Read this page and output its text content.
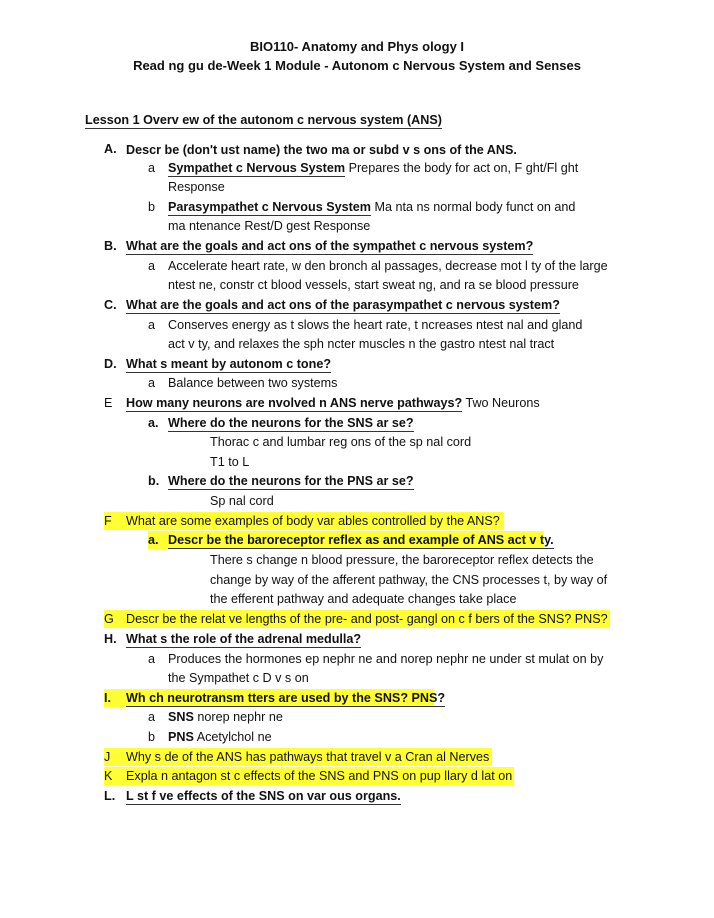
BIO110- Anatomy and Phys ology I
Read ng gu de-Week 1 Module - Autonom c Nervous System and Senses
Lesson 1 Overv ew of the autonom c nervous system (ANS)
A. Descr be (don't ust name) the two ma or subd v s ons of the ANS.
a Sympathet c Nervous System Prepares the body for act on, F ght/Fl ght
Response
b Parasympathet c Nervous System Ma nta ns normal body funct on and
ma ntenance Rest/D gest Response
B. What are the goals and act ons of the sympathet c nervous system?
a Accelerate heart rate, w den bronch al passages, decrease mot l ty of the large
ntest ne, constr ct blood vessels, start sweat ng, and ra se blood pressure
C. What are the goals and act ons of the parasympathet c nervous system?
a Conserves energy as t slows the heart rate, t ncreases ntest nal and gland
act v ty, and relaxes the sph ncter muscles n the gastro ntest nal tract
D. What s meant by autonom c tone?
a Balance between two systems
E How many neurons are nvolved n ANS nerve pathways? Two Neurons
a. Where do the neurons for the SNS ar se?
Thorac c and lumbar reg ons of the sp nal cord
T1 to L
b. Where do the neurons for the PNS ar se?
Sp nal cord
F What are some examples of body var ables controlled by the ANS?
a. Descr be the baroreceptor reflex as and example of ANS act v ty.
There s change n blood pressure, the baroreceptor reflex detects the
change by way of the afferent pathway, the CNS processes t, by way of
the efferent pathway and adequate changes take place
G Descr be the relat ve lengths of the pre- and post- gangl on c f bers of the SNS? PNS?
H. What s the role of the adrenal medulla?
a Produces the hormones ep nephr ne and norep nephr ne under st mulat on by
the Sympathet c D v s on
I. Wh ch neurotransm tters are used by the SNS? PNS?
a SNS norep nephr ne
b PNS Acetylchol ne
J Why s de of the ANS has pathways that travel v a Cran al Nerves
K Expla n antagon st c effects of the SNS and PNS on pup llary d lat on
L. L st f ve effects of the SNS on var ous organs.
